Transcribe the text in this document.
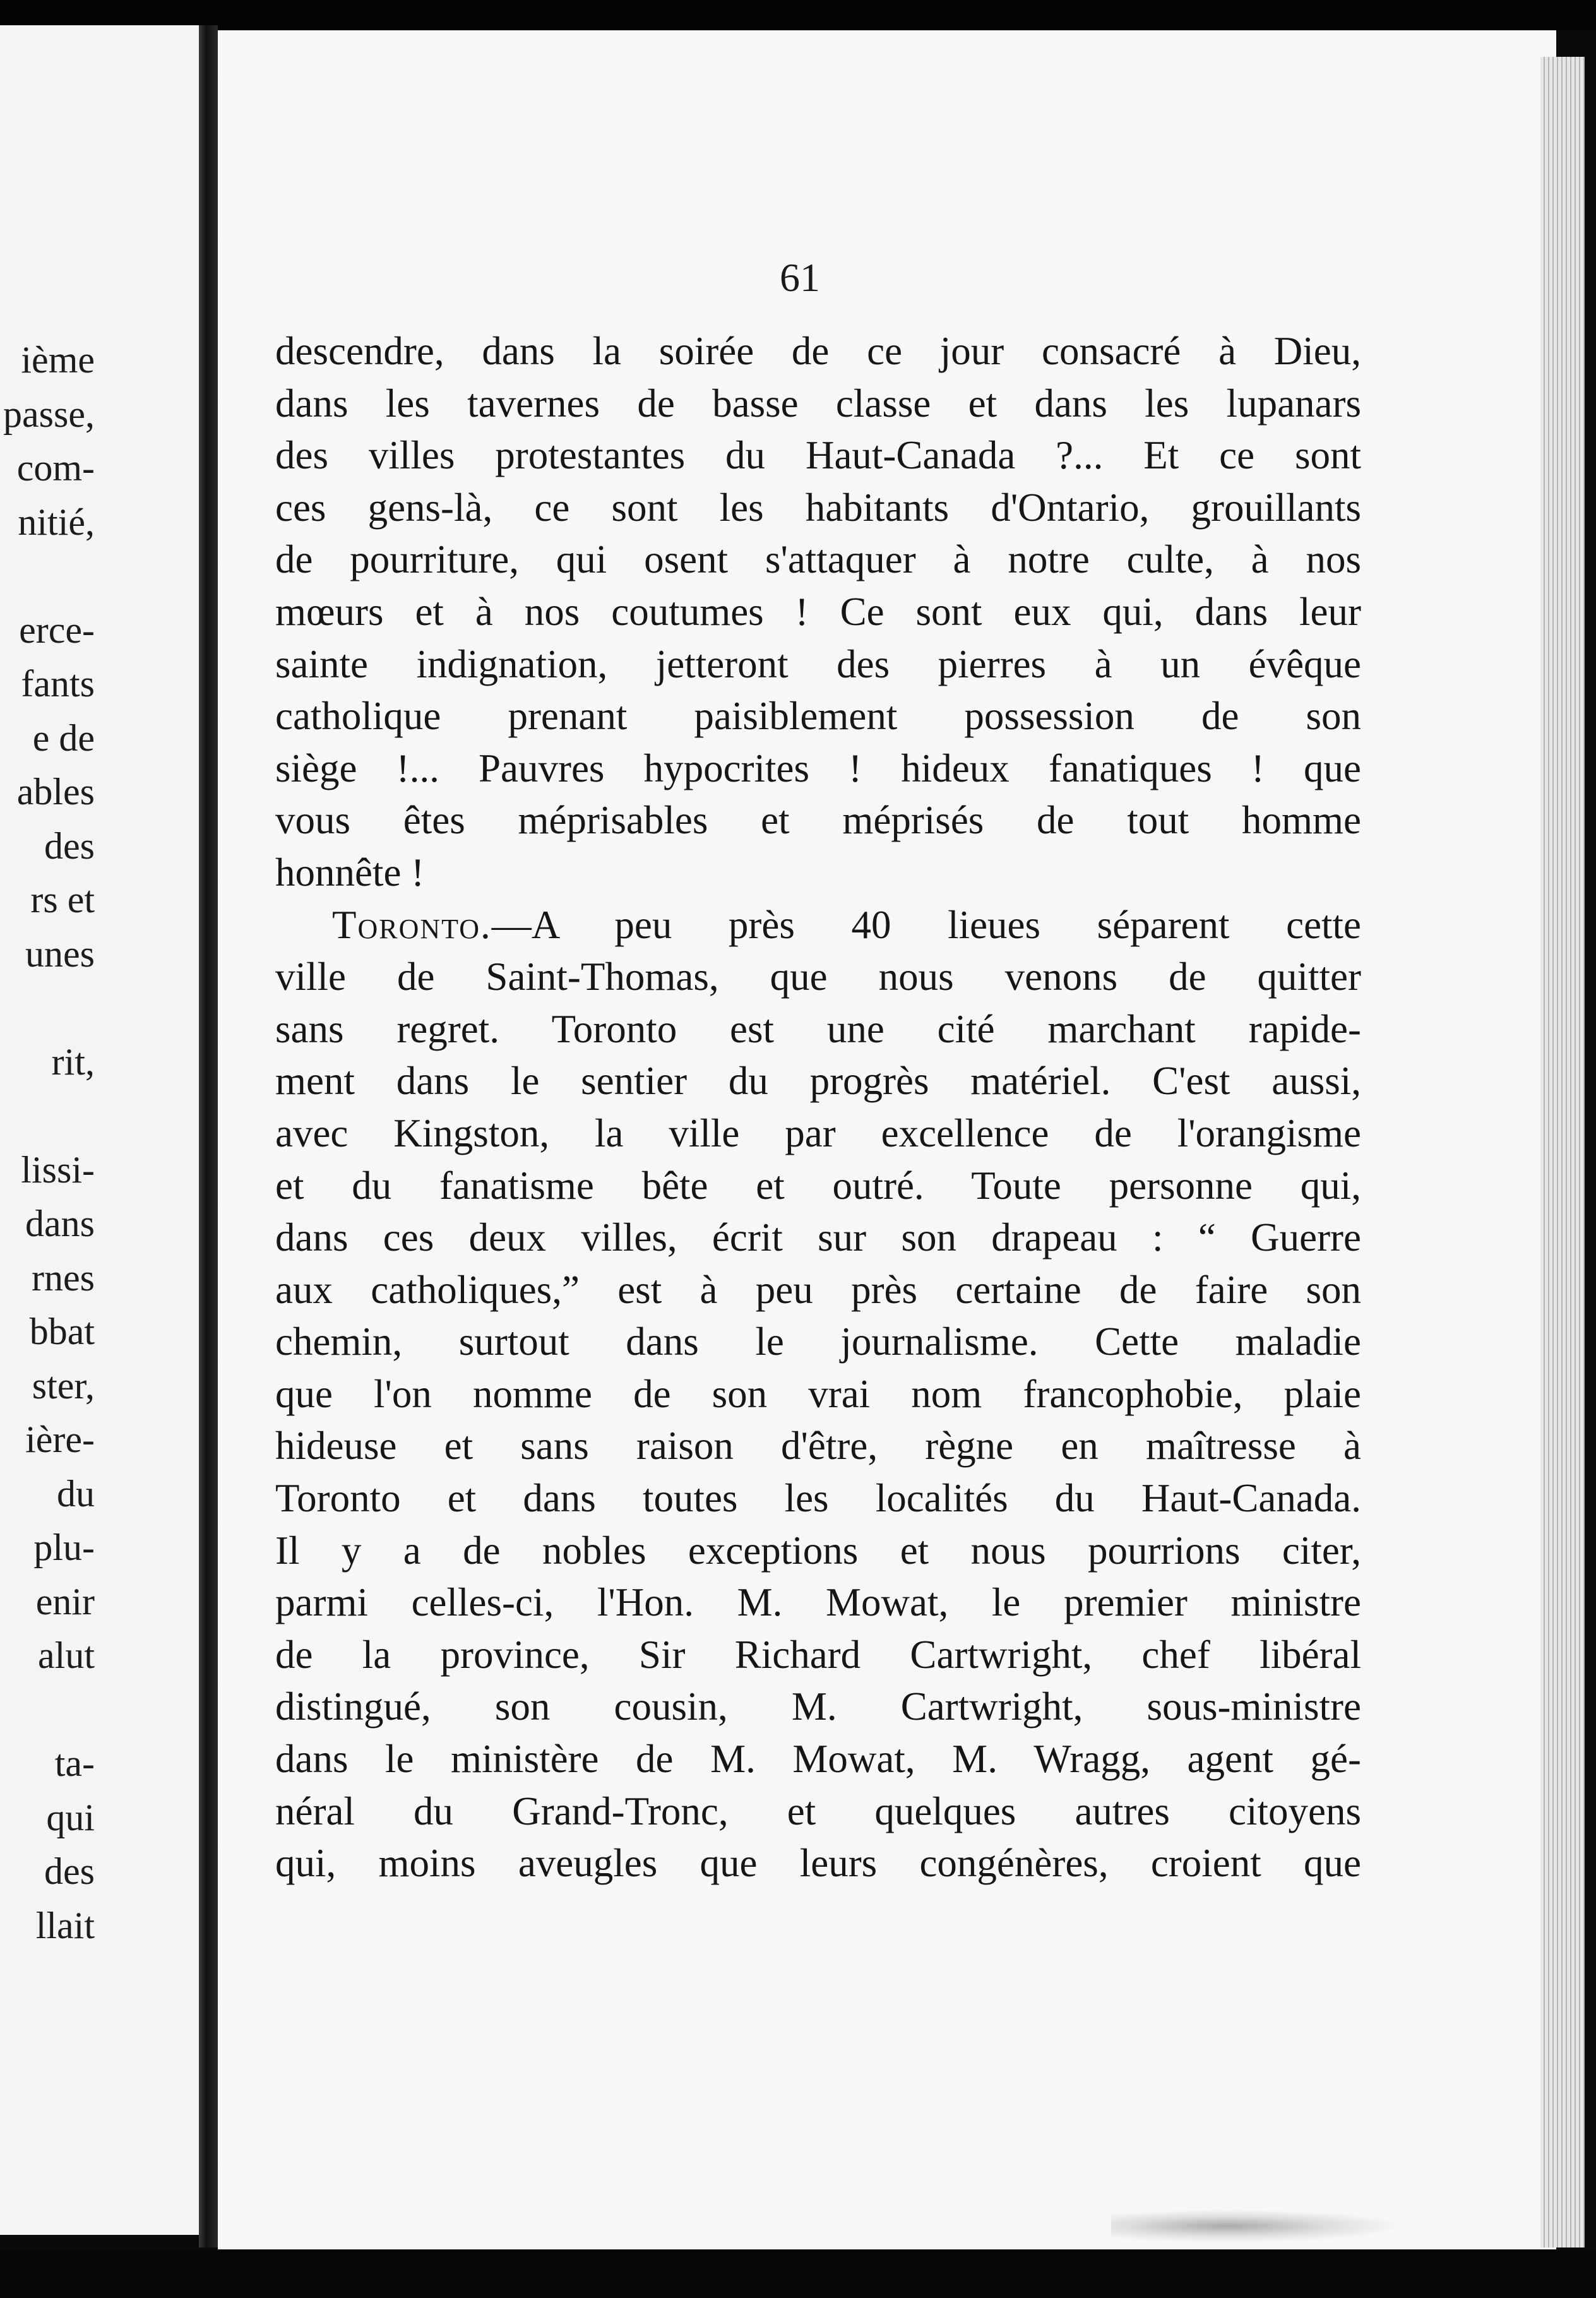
ième
passe,
com-
nitié,
erce-
fants
e de
ables
des
rs et
unes
rit,
lissi-
dans
rnes
bbat
ster,
ière-
du
plu-
enir
alut
ta-
qui
des
llait
61
descendre, dans la soirée de ce jour consacré à Dieu,
dans les tavernes de basse classe et dans les lupanars
des villes protestantes du Haut-Canada ?... Et ce sont
ces gens-là, ce sont les habitants d'Ontario, grouillants
de pourriture, qui osent s'attaquer à notre culte, à nos
mœurs et à nos coutumes ! Ce sont eux qui, dans leur
sainte indignation, jetteront des pierres à un évêque
catholique prenant paisiblement possession de son
siège !... Pauvres hypocrites ! hideux fanatiques ! que
vous êtes méprisables et méprisés de tout homme
honnête !
Toronto.—A peu près 40 lieues séparent cette
ville de Saint-Thomas, que nous venons de quitter
sans regret. Toronto est une cité marchant rapide-
ment dans le sentier du progrès matériel. C'est aussi,
avec Kingston, la ville par excellence de l'orangisme
et du fanatisme bête et outré. Toute personne qui,
dans ces deux villes, écrit sur son drapeau : “ Guerre
aux catholiques,” est à peu près certaine de faire son
chemin, surtout dans le journalisme. Cette maladie
que l'on nomme de son vrai nom francophobie, plaie
hideuse et sans raison d'être, règne en maîtresse à
Toronto et dans toutes les localités du Haut-Canada.
Il y a de nobles exceptions et nous pourrions citer,
parmi celles-ci, l'Hon. M. Mowat, le premier ministre
de la province, Sir Richard Cartwright, chef libéral
distingué, son cousin, M. Cartwright, sous-ministre
dans le ministère de M. Mowat, M. Wragg, agent gé-
néral du Grand-Tronc, et quelques autres citoyens
qui, moins aveugles que leurs congénères, croient que
